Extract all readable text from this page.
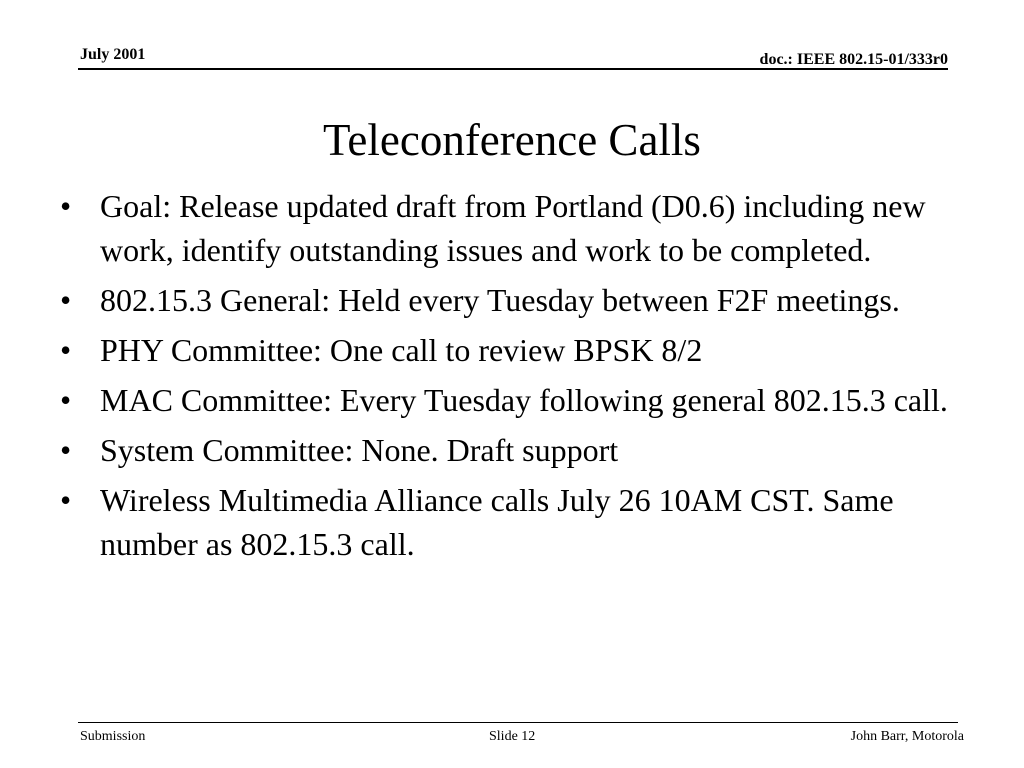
July 2001	doc.: IEEE 802.15-01/333r0
Teleconference Calls
• Goal: Release updated draft from Portland (D0.6) including new work, identify outstanding issues and work to be completed.
• 802.15.3 General: Held every Tuesday between F2F meetings.
• PHY Committee: One call to review BPSK 8/2
• MAC Committee: Every Tuesday following general 802.15.3 call.
• System Committee: None. Draft support
• Wireless Multimedia Alliance calls July 26 10AM CST. Same number as 802.15.3 call.
Submission	Slide 12	John Barr, Motorola
